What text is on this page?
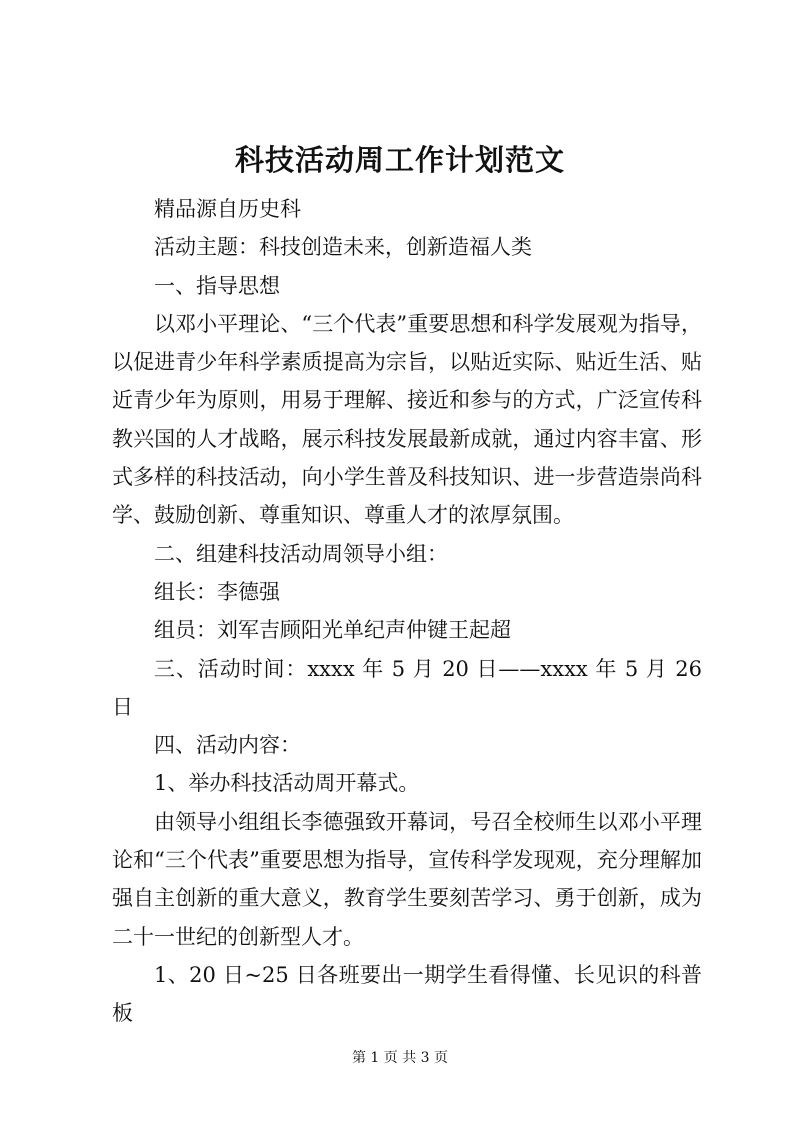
科技活动周工作计划范文

精品源自历史科

活动主题：科技创造未来，创新造福人类

一、指导思想

以邓小平理论、“三个代表”重要思想和科学发展观为指导，以促进青少年科学素质提高为宗旨，以贴近实际、贴近生活、贴近青少年为原则，用易于理解、接近和参与的方式，广泛宣传科教兴国的人才战略，展示科技发展最新成就，通过内容丰富、形式多样的科技活动，向小学生普及科技知识、进一步营造崇尚科学、鼓励创新、尊重知识、尊重人才的浓厚氛围。

二、组建科技活动周领导小组：

组长：李德强

组员：刘军吉顾阳光单纪声仲键王起超

三、活动时间：xxxx 年 5 月 20 日——xxxx 年 5 月 26 日

四、活动内容：

1、举办科技活动周开幕式。

由领导小组组长李德强致开幕词，号召全校师生以邓小平理论和“三个代表”重要思想为指导，宣传科学发现观，充分理解加强自主创新的重大意义，教育学生要刻苦学习、勇于创新，成为二十一世纪的创新型人才。

1、20 日~25 日各班要出一期学生看得懂、长见识的科普板

第 1 页 共 3 页
